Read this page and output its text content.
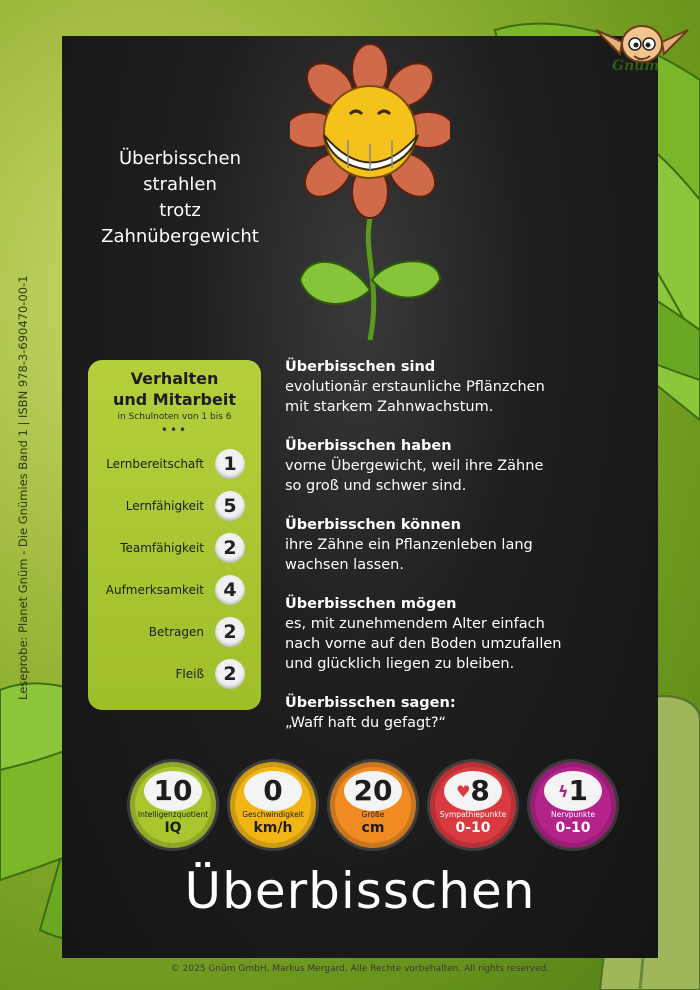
Leseprobe: Planet Gnüm - Die Gnümies Band 1 | ISBN 978-3-690470-00-1
Gnüm
Überbisschen
strahlen
trotz
Zahnübergewicht
Verhalten
und Mitarbeit
in Schulnoten von 1 bis 6
•••
Lernbereitschaft	1
Lernfähigkeit	5
Teamfähigkeit	2
Aufmerksamkeit	4
Betragen	2
Fleiß	2
Überbisschen sind
evolutionär erstaunliche Pflänzchen
mit starkem Zahnwachstum.
Überbisschen haben
vorne Übergewicht, weil ihre Zähne
so groß und schwer sind.
Überbisschen können
ihre Zähne ein Pflanzenleben lang
wachsen lassen.
Überbisschen mögen
es, mit zunehmendem Alter einfach
nach vorne auf den Boden umzufallen
und glücklich liegen zu bleiben.
Überbisschen sagen:
„Waff haft du gefagt?“
10
Intelligenzquotient
IQ
0
Geschwindigkeit
km/h
20
Größe
cm
♥8
Sympathiepunkte
0-10
ϟ1
Nervpunkte
0-10
Überbisschen
© 2025 Gnüm GmbH, Markus Mergard. Alle Rechte vorbehalten. All rights reserved.
